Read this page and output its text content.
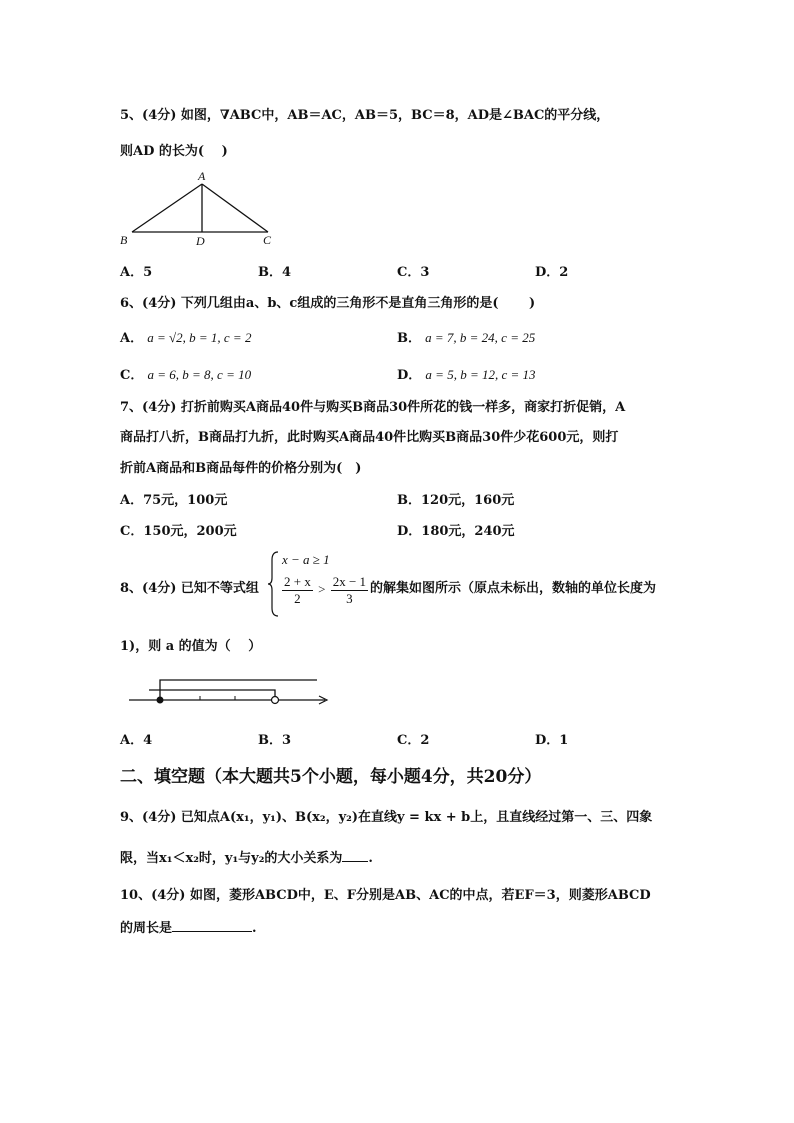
5、(4分) 如图，∇ABC中，AB＝AC，AB＝5，BC＝8，AD是∠BAC的平分线，
则AD 的长为(　 )
A
B	D	C
A．5	B．4	C．3	D．2
6、(4分) 下列几组由a、b、c组成的三角形不是直角三角形的是(　　 )
A． a = √2, b = 1, c = 2	B． a = 7, b = 24, c = 25
C． a = 6, b = 8, c = 10	D． a = 5, b = 12, c = 13
7、(4分) 打折前购买A商品40件与购买B商品30件所花的钱一样多，商家打折促销，A
商品打八折，B商品打九折，此时购买A商品40件比购买B商品30件少花600元，则打
折前A商品和B商品每件的价格分别为(　)
A．75元，100元	B．120元，160元
C．150元，200元	D．180元，240元
8、(4分) 已知不等式组
x − a ≥ 1
$\frac{2 + x}{2} > \frac{2x - 1}{3}$ 的解集如图所示（原点未标出，数轴的单位长度为
1)，则 a 的值为（　 ）
A．4	B．3	C．2	D．1
二、填空题（本大题共5个小题，每小题4分，共20分）
9、(4分) 已知点A(x₁，y₁)、B(x₂，y₂)在直线y = kx + b上，且直线经过第一、三、四象
限，当x₁＜x₂时，y₁与y₂的大小关系为 .
10、(4分) 如图，菱形ABCD中，E、F分别是AB、AC的中点，若EF＝3，则菱形ABCD
的周长是	.
